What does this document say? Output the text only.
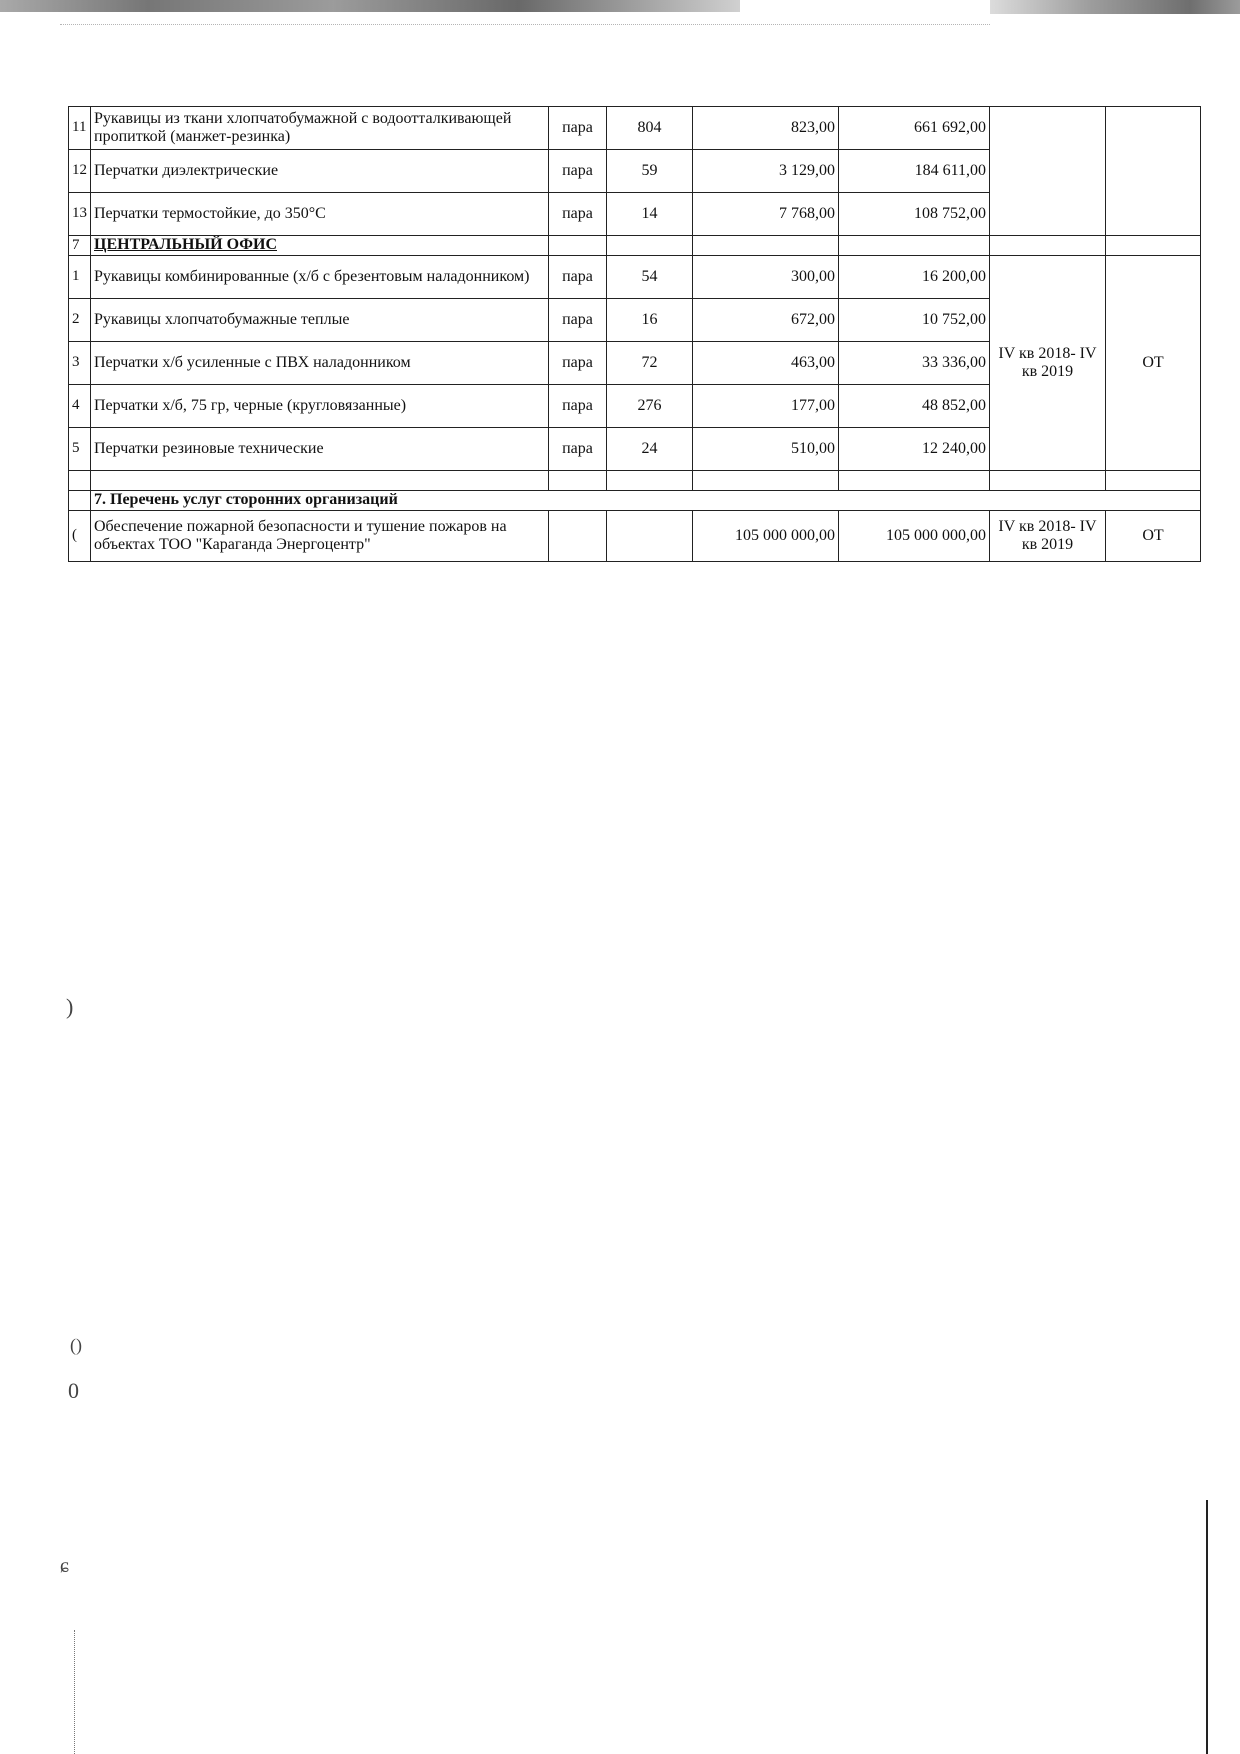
11	Рукавицы из ткани хлопчатобумажной с водоотталкивающей пропиткой (манжет-резинка)	пара	804	823,00	661 692,00		
12	Перчатки диэлектрические	пара	59	3 129,00	184 611,00		
13	Перчатки термостойкие, до 350°С	пара	14	7 768,00	108 752,00		
7	ЦЕНТРАЛЬНЫЙ ОФИС						
1	Рукавицы комбинированные (х/б с брезентовым наладонником)	пара	54	300,00	16 200,00	IV кв 2018- IV кв 2019	ОТ
2	Рукавицы хлопчатобумажные теплые	пара	16	672,00	10 752,00		
3	Перчатки х/б усиленные с ПВХ наладонником	пара	72	463,00	33 336,00		
4	Перчатки х/б, 75 гр, черные (кругловязанные)	пара	276	177,00	48 852,00		
5	Перчатки резиновые технические	пара	24	510,00	12 240,00		

	7. Перечень услуг сторонних организаций						
(	Обеспечение пожарной безопасности и тушение пожаров на объектах ТОО "Караганда Энергоцентр"			105 000 000,00	105 000 000,00	IV кв 2018- IV кв 2019	ОТ
)
()
0
ɕ
